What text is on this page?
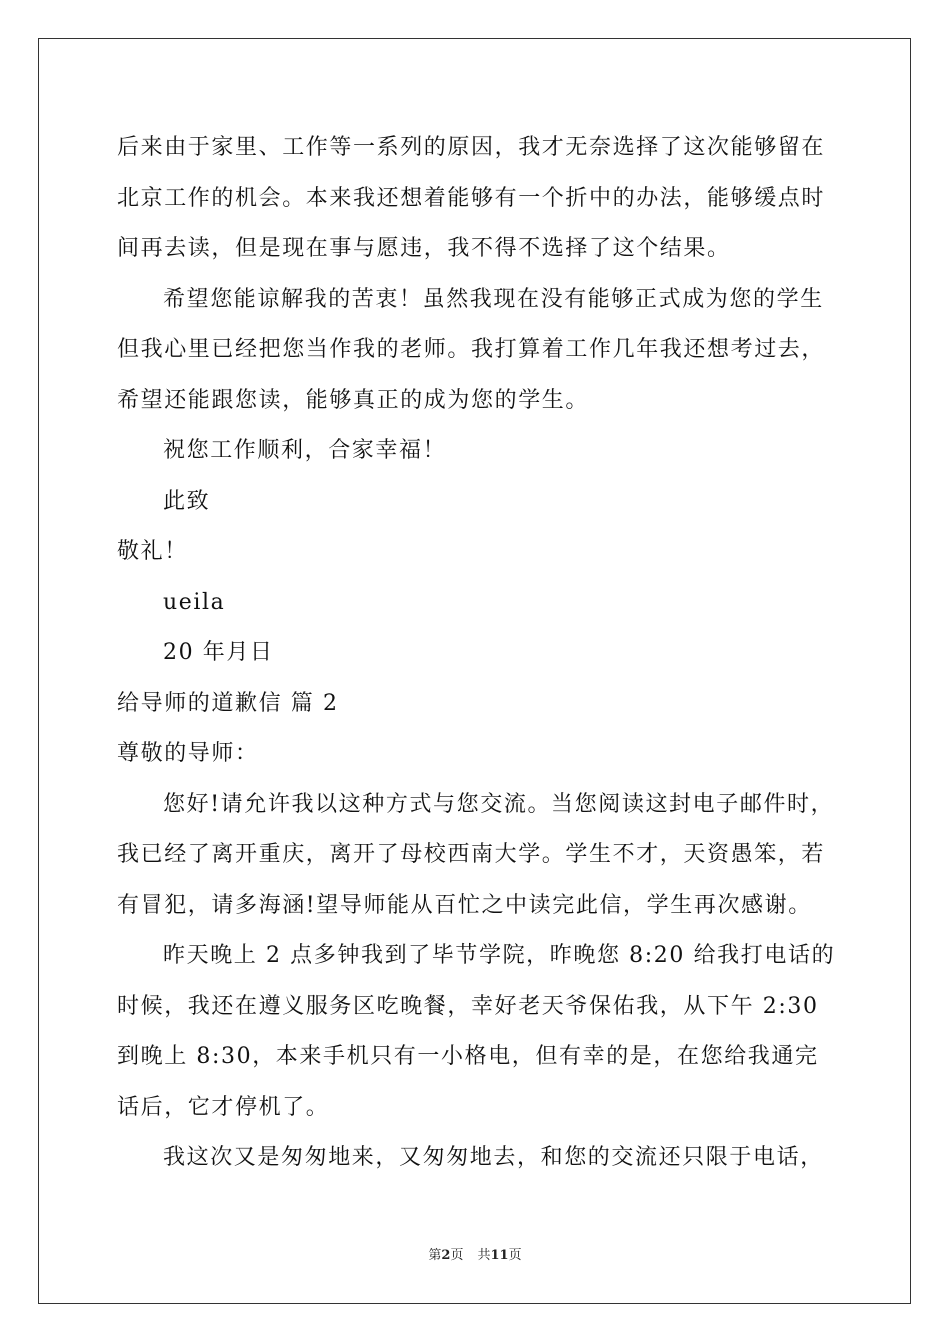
后来由于家里、工作等一系列的原因，我才无奈选择了这次能够留在
北京工作的机会。本来我还想着能够有一个折中的办法，能够缓点时
间再去读，但是现在事与愿违，我不得不选择了这个结果。
希望您能谅解我的苦衷！虽然我现在没有能够正式成为您的学生
但我心里已经把您当作我的老师。我打算着工作几年我还想考过去，
希望还能跟您读，能够真正的成为您的学生。
祝您工作顺利，合家幸福！
此致
敬礼！
ueila
20 年月日
给导师的道歉信 篇 2
尊敬的导师：
您好!请允许我以这种方式与您交流。当您阅读这封电子邮件时，
我已经了离开重庆，离开了母校西南大学。学生不才，天资愚笨，若
有冒犯，请多海涵!望导师能从百忙之中读完此信，学生再次感谢。
昨天晚上 2 点多钟我到了毕节学院，昨晚您 8:20 给我打电话的
时候，我还在遵义服务区吃晚餐，幸好老天爷保佑我，从下午 2:30
到晚上 8:30，本来手机只有一小格电，但有幸的是，在您给我通完
话后，它才停机了。
我这次又是匆匆地来，又匆匆地去，和您的交流还只限于电话，
第2页 共11页
